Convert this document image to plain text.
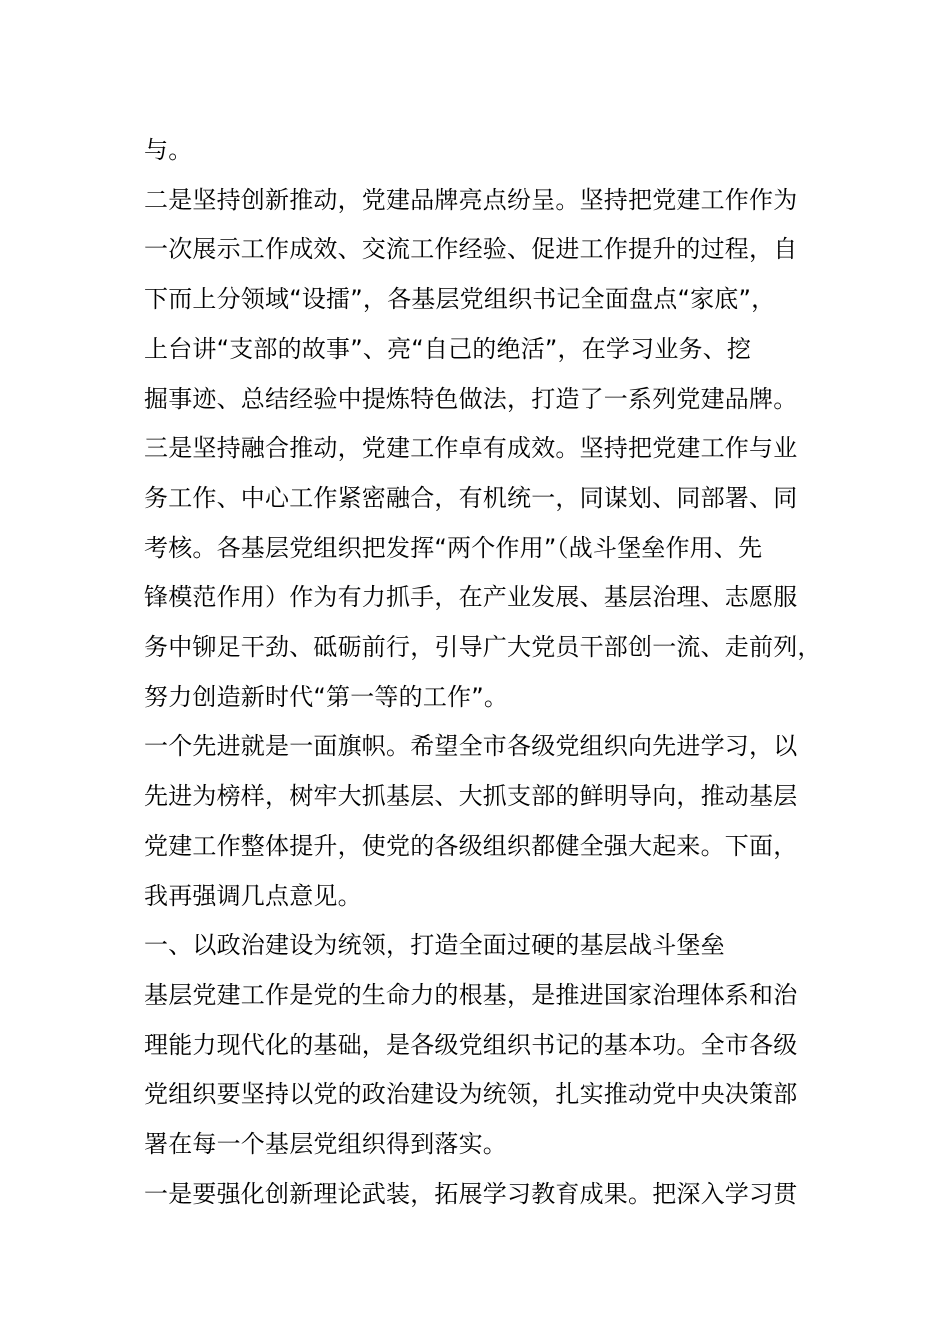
与。
二是坚持创新推动，党建品牌亮点纷呈。坚持把党建工作作为
一次展示工作成效、交流工作经验、促进工作提升的过程，自
下而上分领域“设擂”，各基层党组织书记全面盘点“家底”，
上台讲“支部的故事”、亮“自己的绝活”，在学习业务、挖
掘事迹、总结经验中提炼特色做法，打造了一系列党建品牌。
三是坚持融合推动，党建工作卓有成效。坚持把党建工作与业
务工作、中心工作紧密融合，有机统一，同谋划、同部署、同
考核。各基层党组织把发挥“两个作用”（战斗堡垒作用、先
锋模范作用）作为有力抓手，在产业发展、基层治理、志愿服
务中铆足干劲、砥砺前行，引导广大党员干部创一流、走前列，
努力创造新时代“第一等的工作”。
一个先进就是一面旗帜。希望全市各级党组织向先进学习，以
先进为榜样，树牢大抓基层、大抓支部的鲜明导向，推动基层
党建工作整体提升，使党的各级组织都健全强大起来。下面，
我再强调几点意见。
一、以政治建设为统领，打造全面过硬的基层战斗堡垒
基层党建工作是党的生命力的根基，是推进国家治理体系和治
理能力现代化的基础，是各级党组织书记的基本功。全市各级
党组织要坚持以党的政治建设为统领，扎实推动党中央决策部
署在每一个基层党组织得到落实。
一是要强化创新理论武装，拓展学习教育成果。把深入学习贯
